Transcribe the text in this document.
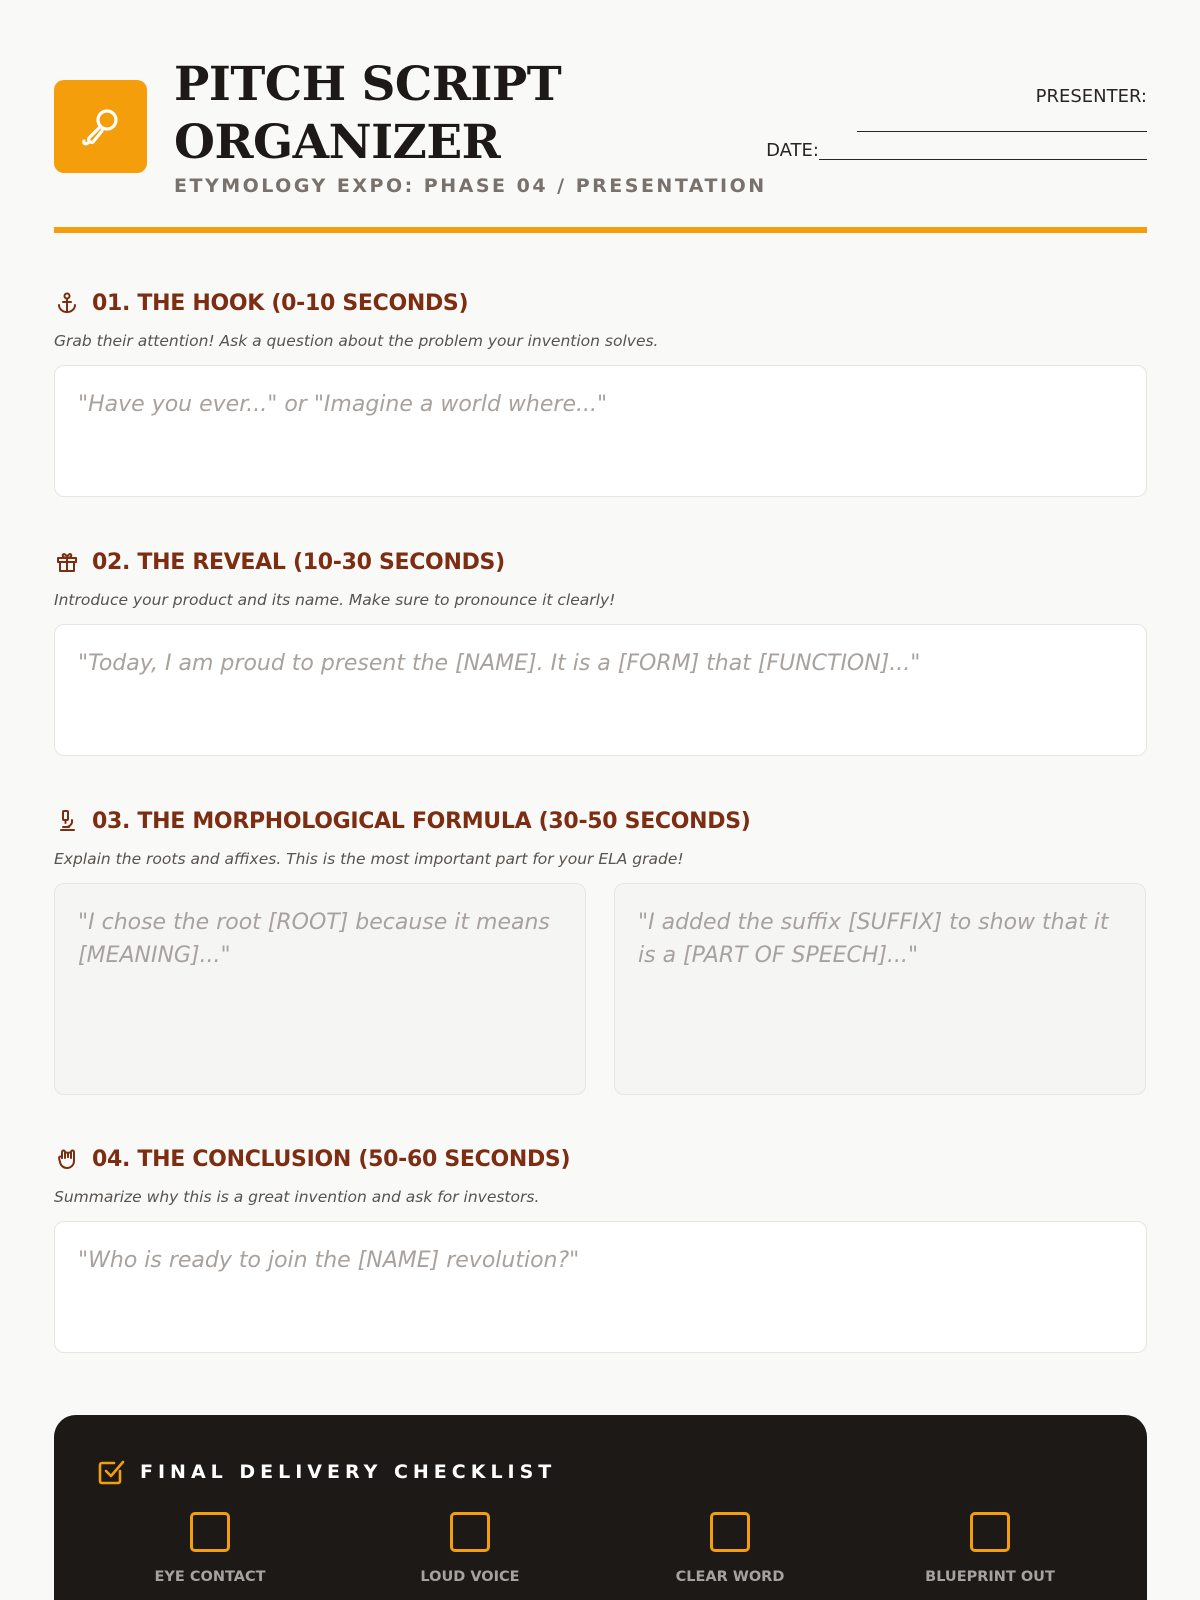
PITCH SCRIPT
ORGANIZER
ETYMOLOGY EXPO: PHASE 04 / PRESENTATION
PRESENTER:
DATE:
01. THE HOOK (0-10 SECONDS)
Grab their attention! Ask a question about the problem your invention solves.
"Have you ever..." or "Imagine a world where..."
02. THE REVEAL (10-30 SECONDS)
Introduce your product and its name. Make sure to pronounce it clearly!
"Today, I am proud to present the [NAME]. It is a [FORM] that [FUNCTION]..."
03. THE MORPHOLOGICAL FORMULA (30-50 SECONDS)
Explain the roots and affixes. This is the most important part for your ELA grade!
"I chose the root [ROOT] because it means [MEANING]..."
"I added the suffix [SUFFIX] to show that it is a [PART OF SPEECH]..."
04. THE CONCLUSION (50-60 SECONDS)
Summarize why this is a great invention and ask for investors.
"Who is ready to join the [NAME] revolution?"
FINAL DELIVERY CHECKLIST
EYE CONTACT	LOUD VOICE	CLEAR WORD	BLUEPRINT OUT
